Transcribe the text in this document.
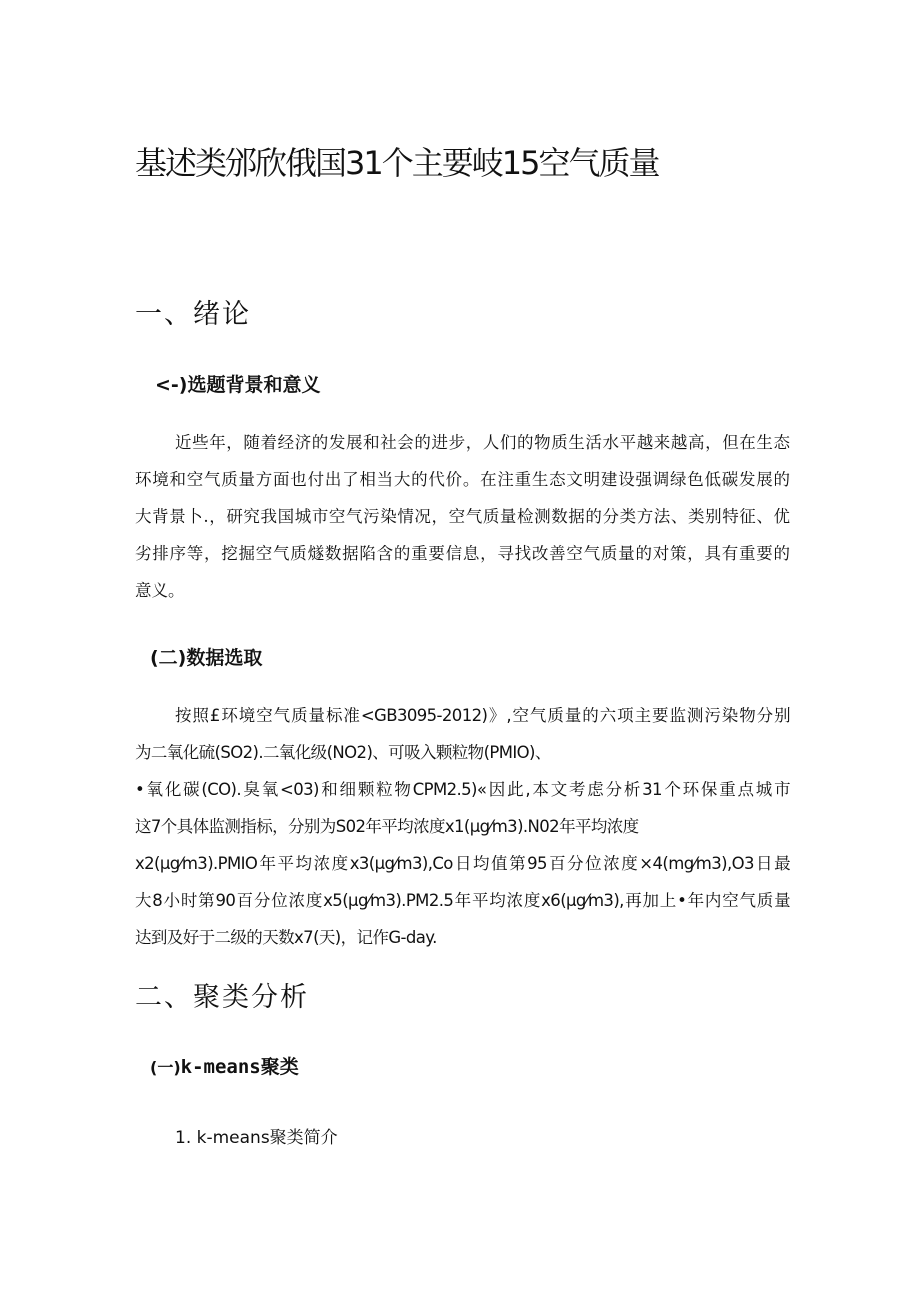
基述类邠欣俄国31个主要岐15空气质量
一、绪论
<-)选题背景和意义
近些年，随着经济的发展和社会的进步，人们的物质生活水平越来越高，但在生态
环境和空气质量方面也付出了相当大的代价。在注重生态文明建设强调绿色低碳发展的
大背景卜.，研究我国城市空气污染情况，空气质量检测数据的分类方法、类别特征、优
劣排序等，挖掘空气质燧数据陷含的重要信息，寻找改善空气质量的对策，具有重要的
意义。
(二)数据选取
按照£环境空气质量标准<GB3095-2012)》,空气质量的六项主要监测污染物分别
为二氧化硫(SO2).二氧化级(NO2)、可吸入颗粒物(PMIO)、
•氧化碳(CO).臭氧<03)和细颗粒物CPM2.5)«因此,本文考虑分析31个环保重点城市
这7个具体监测指标，分别为S02年平均浓度x1(μg⁄m3).N02年平均浓度
x2(μg⁄m3).PMIO年平均浓度x3(μg⁄m3),Co日均值第95百分位浓度×4(mg⁄m3),O3日最
大8小时第90百分位浓度x5(μg⁄m3).PM2.5年平均浓度x6(μg⁄m3),再加上•年内空气质量
达到及好于二级的天数x7(天)，记作G-day.
二、聚类分析
(一)k-means聚类
1. k-means聚类简介
